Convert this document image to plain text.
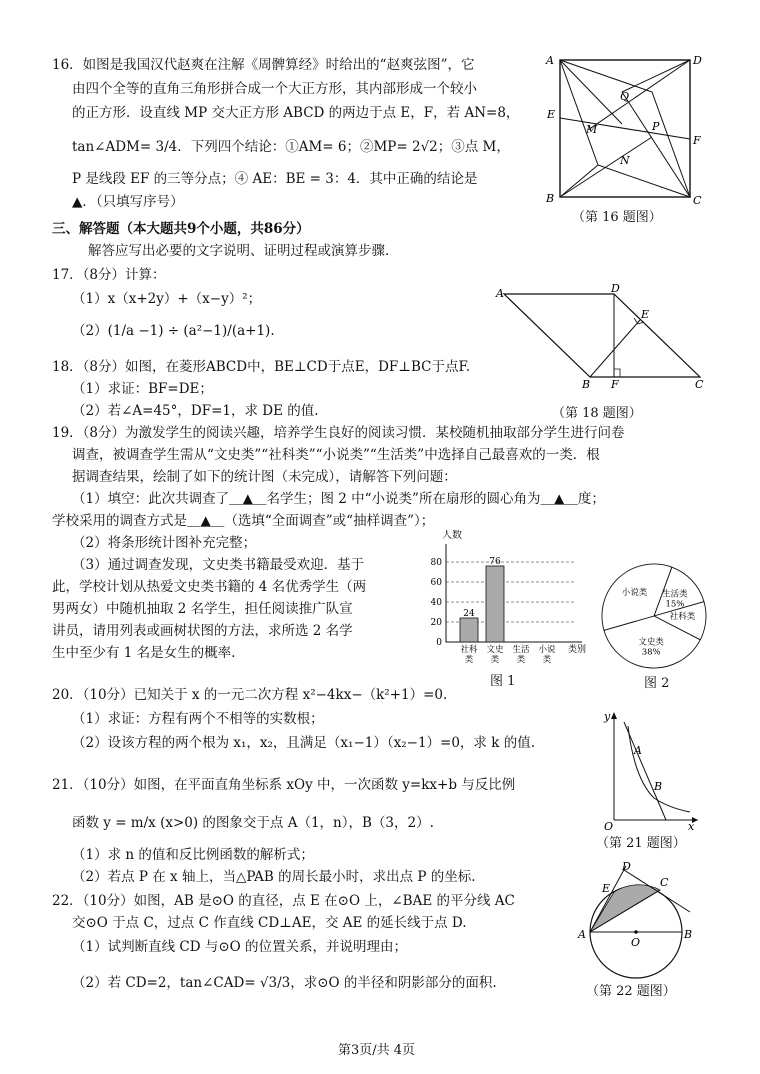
16．如图是我国汉代赵爽在注解《周髀算经》时给出的“赵爽弦图”，它
由四个全等的直角三角形拼合成一个大正方形，其内部形成一个较小
的正方形．设直线 MP 交大正方形 ABCD 的两边于点 E，F，若 AN=8，
tan∠ADM= 3/4．下列四个结论：①AM= 6；②MP= 2√2；③点 M，
P 是线段 EF 的三等分点；④ AE：BE = 3：4．其中正确的结论是
▲．（只填写序号）
A	D
B	C
E
F
M
N
P
Q
（第 16 题图）
三、解答题（本大题共9个小题，共86分）
解答应写出必要的文字说明、证明过程或演算步骤.
17．（8分）计算：
（1）x（x+2y）+（x−y）²；
（2）(1/a −1) ÷ (a²−1)/(a+1).
A	D
E
B F	C
18．（8分）如图，在菱形ABCD中，BE⊥CD于点E，DF⊥BC于点F.
（1）求证：BF=DE；
（2）若∠A=45°，DF=1，求 DE 的值.	（第 18 题图）
19．（8分）为激发学生的阅读兴趣，培养学生良好的阅读习惯．某校随机抽取部分学生进行问卷
调查，被调查学生需从“文史类”“社科类”“小说类”“生活类”中选择自己最喜欢的一类．根
据调查结果，绘制了如下的统计图（未完成），请解答下列问题：
（1）填空：此次共调查了＿▲＿名学生；图 2 中“小说类”所在扇形的圆心角为＿▲＿度；
学校采用的调查方式是＿▲＿（选填“全面调查”或“抽样调查”）；
（2）将条形统计图补充完整；
（3）通过调查发现，文史类书籍最受欢迎．基于
此，学校计划从热爱文史类书籍的 4 名优秀学生（两
男两女）中随机抽取 2 名学生，担任阅读推广队宣
讲员，请用列表或画树状图的方法，求所选 2 名学
生中至少有 1 名是女生的概率.
0
20
40
60
80
24
社科
类
76
文史
类
生活
类
小说
类
人数
类别
图 1
生活类
15%
社科类
文史类
38%
小说类
图 2
20．（10分）已知关于 x 的一元二次方程 x²−4kx−（k²+1）=0.
（1）求证：方程有两个不相等的实数根；
（2）设该方程的两个根为 x₁，x₂，且满足（x₁−1）（x₂−1）=0，求 k 的值.
y
x
O
A
B
（第 21 题图）
21．（10分）如图，在平面直角坐标系 xOy 中，一次函数 y=kx+b 与反比例
函数 y = m/x (x>0) 的图象交于点 A（1，n），B（3，2）.
（1）求 n 的值和反比例函数的解析式；
（2）若点 P 在 x 轴上，当△PAB 的周长最小时，求出点 P 的坐标.
22．（10分）如图，AB 是⊙O 的直径，点 E 在⊙O 上，∠BAE 的平分线 AC
交⊙O 于点 C，过点 C 作直线 CD⊥AE，交 AE 的延长线于点 D.
（1）试判断直线 CD 与⊙O 的位置关系，并说明理由；
（2）若 CD=2，tan∠CAD= √3/3，求⊙O 的半径和阴影部分的面积.
A	B
C
D
E
O
（第 22 题图）
第3页/共 4页
